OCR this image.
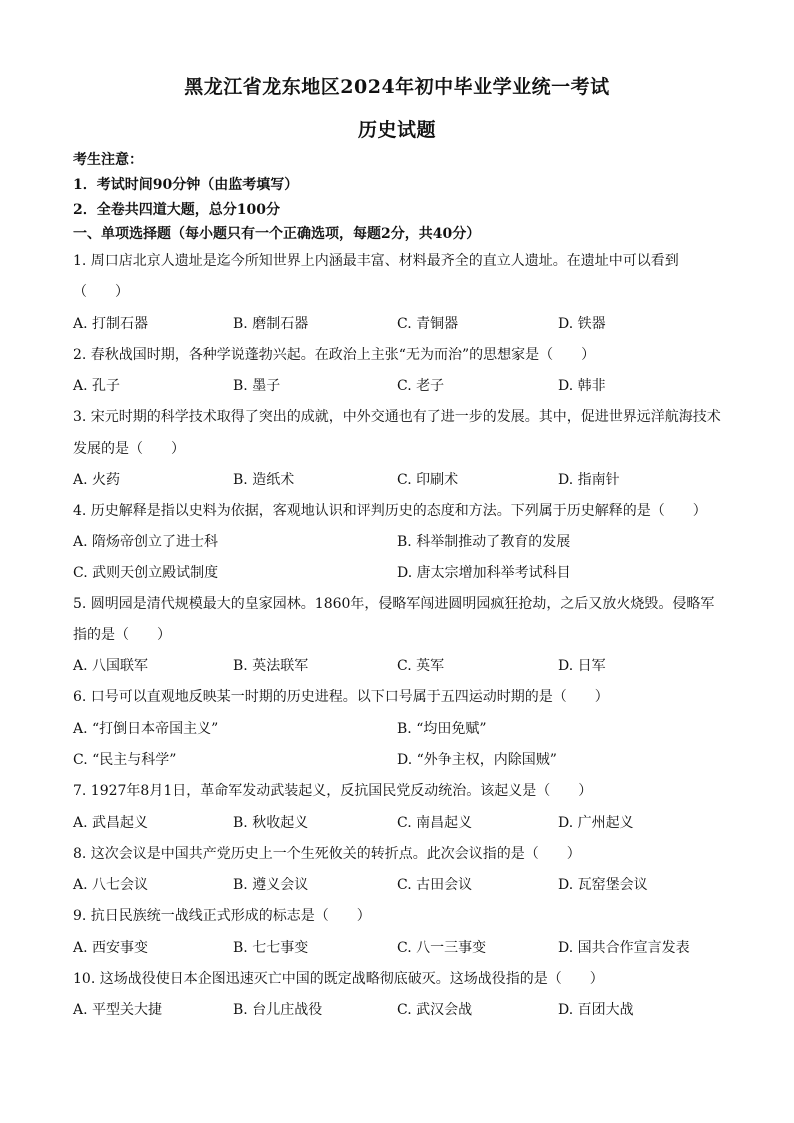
黑龙江省龙东地区2024年初中毕业学业统一考试
历史试题
考生注意：
1．考试时间90分钟（由监考填写）
2．全卷共四道大题，总分100分
一、单项选择题（每小题只有一个正确选项，每题2分，共40分）
1. 周口店北京人遗址是迄今所知世界上内涵最丰富、材料最齐全的直立人遗址。在遗址中可以看到
（　　）
A. 打制石器	B. 磨制石器	C. 青铜器	D. 铁器
2. 春秋战国时期，各种学说蓬勃兴起。在政治上主张“无为而治”的思想家是（　　）
A. 孔子	B. 墨子	C. 老子	D. 韩非
3. 宋元时期的科学技术取得了突出的成就，中外交通也有了进一步的发展。其中，促进世界远洋航海技术
发展的是（　　）
A. 火药	B. 造纸术	C. 印刷术	D. 指南针
4. 历史解释是指以史料为依据，客观地认识和评判历史的态度和方法。下列属于历史解释的是（　　）
A. 隋炀帝创立了进士科	B. 科举制推动了教育的发展
C. 武则天创立殿试制度	D. 唐太宗增加科举考试科目
5. 圆明园是清代规模最大的皇家园林。1860年，侵略军闯进圆明园疯狂抢劫，之后又放火烧毁。侵略军
指的是（　　）
A. 八国联军	B. 英法联军	C. 英军	D. 日军
6. 口号可以直观地反映某一时期的历史进程。以下口号属于五四运动时期的是（　　）
A. “打倒日本帝国主义”	B. “均田免赋”
C. “民主与科学”	D. “外争主权，内除国贼”
7. 1927年8月1日，革命军发动武装起义，反抗国民党反动统治。该起义是（　　）
A. 武昌起义	B. 秋收起义	C. 南昌起义	D. 广州起义
8. 这次会议是中国共产党历史上一个生死攸关的转折点。此次会议指的是（　　）
A. 八七会议	B. 遵义会议	C. 古田会议	D. 瓦窑堡会议
9. 抗日民族统一战线正式形成的标志是（　　）
A. 西安事变	B. 七七事变	C. 八一三事变	D. 国共合作宣言发表
10. 这场战役使日本企图迅速灭亡中国的既定战略彻底破灭。这场战役指的是（　　）
A. 平型关大捷	B. 台儿庄战役	C. 武汉会战	D. 百团大战
